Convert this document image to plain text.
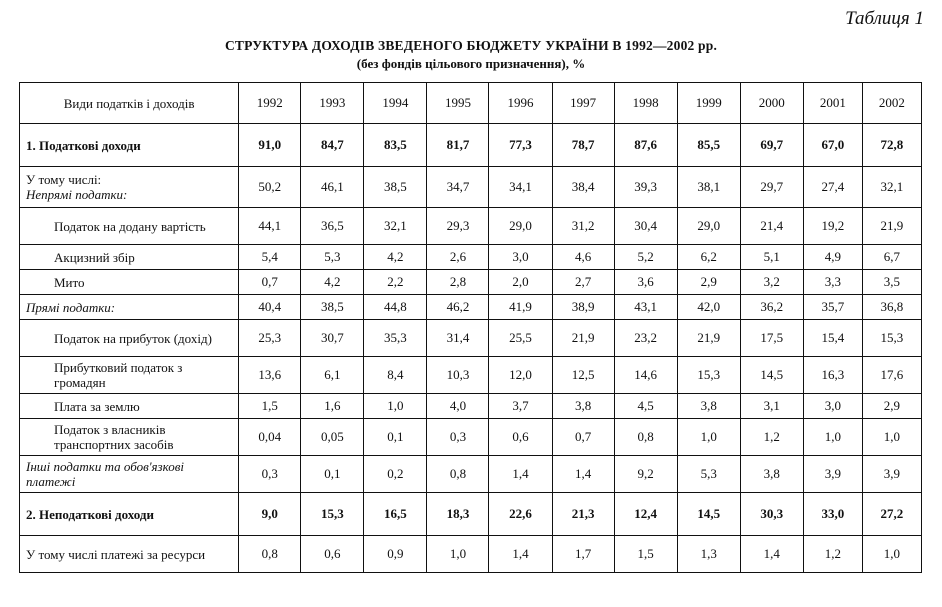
Таблиця 1
СТРУКТУРА ДОХОДІВ ЗВЕДЕНОГО БЮДЖЕТУ УКРАЇНИ В 1992—2002 рр.
(без фондів цільового призначення), %
Види податків і доходів	1992	1993	1994	1995	1996	1997	1998	1999	2000	2001	2002
1. Податкові доходи	91,0	84,7	83,5	81,7	77,3	78,7	87,6	85,5	69,7	67,0	72,8

У тому числі:
Непрямі податки:	50,2	46,1	38,5	34,7	34,1	38,4	39,3	38,1	29,7	27,4	32,1
Податок на додану вартість	44,1	36,5	32,1	29,3	29,0	31,2	30,4	29,0	21,4	19,2	21,9
Акцизний збір	5,4	5,3	4,2	2,6	3,0	4,6	5,2	6,2	5,1	4,9	6,7
Мито	0,7	4,2	2,2	2,8	2,0	2,7	3,6	2,9	3,2	3,3	3,5
Прямі податки:	40,4	38,5	44,8	46,2	41,9	38,9	43,1	42,0	36,2	35,7	36,8
Податок на прибуток (дохід)	25,3	30,7	35,3	31,4	25,5	21,9	23,2	21,9	17,5	15,4	15,3
Прибутковий податок з громадян	13,6	6,1	8,4	10,3	12,0	12,5	14,6	15,3	14,5	16,3	17,6
Плата за землю	1,5	1,6	1,0	4,0	3,7	3,8	4,5	3,8	3,1	3,0	2,9
Податок з власників транспортних засобів	0,04	0,05	0,1	0,3	0,6	0,7	0,8	1,0	1,2	1,0	1,0
Інші податки та обов'язкові платежі	0,3	0,1	0,2	0,8	1,4	1,4	9,2	5,3	3,8	3,9	3,9
2. Неподаткові доходи	9,0	15,3	16,5	18,3	22,6	21,3	12,4	14,5	30,3	33,0	27,2
У тому числі платежі за ресурси	0,8	0,6	0,9	1,0	1,4	1,7	1,5	1,3	1,4	1,2	1,0
